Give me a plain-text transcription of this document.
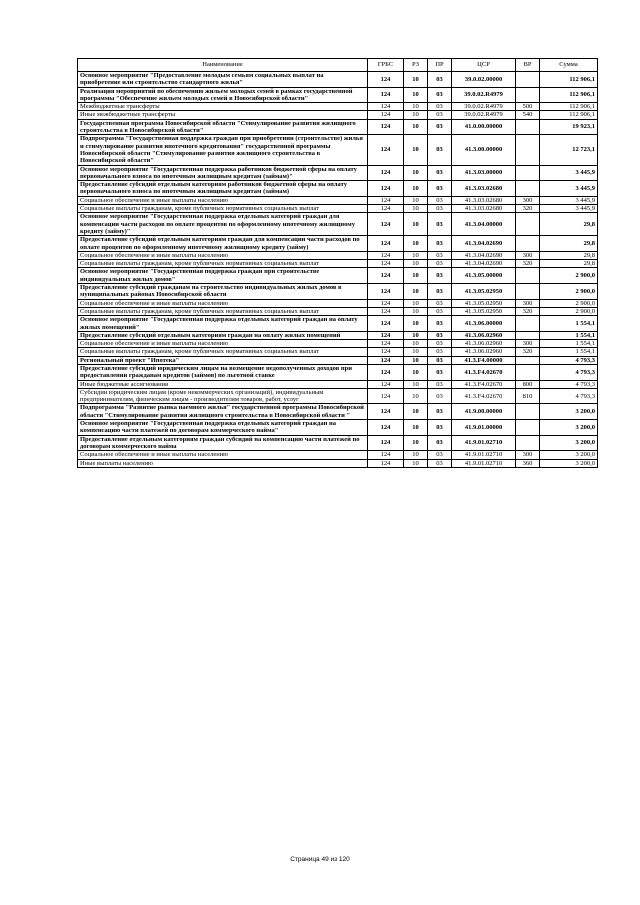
Наименование	ГРБС	РЗ	ПР	ЦСР	ВР	Сумма
Основное мероприятие "Предоставление молодым семьям социальных выплат на приобретение или строительство стандартного жилья"	124	10	03	39.0.02.00000		112 906,1
Реализация мероприятий по обеспечению жильем молодых семей в рамках государственной программы "Обеспечение жильем молодых семей в Новосибирской области"	124	10	03	39.0.02.R4979		112 906,1
Межбюджетные трансферты	124	10	03	39.0.02.R4979	500	112 906,1
Иные межбюджетные трансферты	124	10	03	39.0.02.R4979	540	112 906,1
Государственная программа Новосибирской области "Стимулирование развития жилищного строительства в Новосибирской области"	124	10	03	41.0.00.00000		19 923,1
Подпрограмма "Государственная поддержка граждан при приобретении (строительстве) жилья и стимулирование развития ипотечного кредитования" государственной программы Новосибирской области "Стимулирование развития жилищного строительства в Новосибирской области"	124	10	03	41.3.00.00000		12 723,1
Основное мероприятие "Государственная поддержка работников бюджетной сферы на оплату первоначального взноса по ипотечным жилищным кредитам (займам)"	124	10	03	41.3.03.00000		3 445,9
Предоставление субсидий отдельным категориям работников бюджетной сферы на оплату первоначального взноса по ипотечным жилищным кредитам (займам)	124	10	03	41.3.03.02680		3 445,9
Социальное обеспечение и иные выплаты населению	124	10	03	41.3.03.02680	300	3 445,9
Социальные выплаты гражданам, кроме публичных нормативных социальных выплат	124	10	03	41.3.03.02680	320	3 445,9
Основное мероприятие "Государственная поддержка отдельных категорий граждан для компенсации части расходов по оплате процентов по оформленному ипотечному жилищному кредиту (займу)"	124	10	03	41.3.04.00000		29,8
Предоставление субсидий отдельным категориям граждан для компенсации части расходов по оплате процентов по оформленному ипотечному жилищному кредиту (займу)	124	10	03	41.3.04.02690		29,8
Социальное обеспечение и иные выплаты населению	124	10	03	41.3.04.02690	300	29,8
Социальные выплаты гражданам, кроме публичных нормативных социальных выплат	124	10	03	41.3.04.02690	320	29,8
Основное мероприятие "Государственная поддержка граждан при строительстве индивидуальных жилых домов"	124	10	03	41.3.05.00000		2 900,0
Предоставление субсидий гражданам на строительство индивидуальных жилых домов в муниципальных районах Новосибирской области	124	10	03	41.3.05.02950		2 900,0
Социальное обеспечение и иные выплаты населению	124	10	03	41.3.05.02950	300	2 900,0
Социальные выплаты гражданам, кроме публичных нормативных социальных выплат	124	10	03	41.3.05.02950	320	2 900,0
Основное мероприятие "Государственная поддержка отдельных категорий граждан на оплату жилых помещений"	124	10	03	41.3.06.00000		1 554,1
Предоставление субсидий отдельным категориям граждан на оплату жилых помещений	124	10	03	41.3.06.02960		1 554,1
Социальное обеспечение и иные выплаты населению	124	10	03	41.3.06.02960	300	1 554,1
Социальные выплаты гражданам, кроме публичных нормативных социальных выплат	124	10	03	41.3.06.02960	320	1 554,1
Региональный проект "Ипотека"	124	10	03	41.3.F4.00000		4 793,3
Предоставление субсидий юридическим лицам на возмещение недополученных доходов при предоставлении гражданам кредитов (займов) по льготной ставке	124	10	03	41.3.F4.02670		4 793,3
Иные бюджетные ассигнования	124	10	03	41.3.F4.02670	800	4 793,3
Субсидии юридическим лицам (кроме некоммерческих организаций), индивидуальным предпринимателям, физическим лицам - производителям товаров, работ, услуг	124	10	03	41.3.F4.02670	810	4 793,3
Подпрограмма "Развитие рынка наемного жилья" государственной программы Новосибирской области "Стимулирование развития жилищного строительства в Новосибирской области "	124	10	03	41.9.00.00000		3 200,0
Основное мероприятие "Государственная поддержка отдельных категорий граждан на компенсацию части платежей по договорам коммерческого найма"	124	10	03	41.9.01.00000		3 200,0
Предоставление отдельным категориям граждан субсидий на компенсацию части платежей по договорам коммерческого найма	124	10	03	41.9.01.02710		3 200,0
Социальное обеспечение и иные выплаты населению	124	10	03	41.9.01.02710	300	3 200,0
Иные выплаты населению	124	10	03	41.9.01.02710	360	3 200,0
Страница 49 из 120
